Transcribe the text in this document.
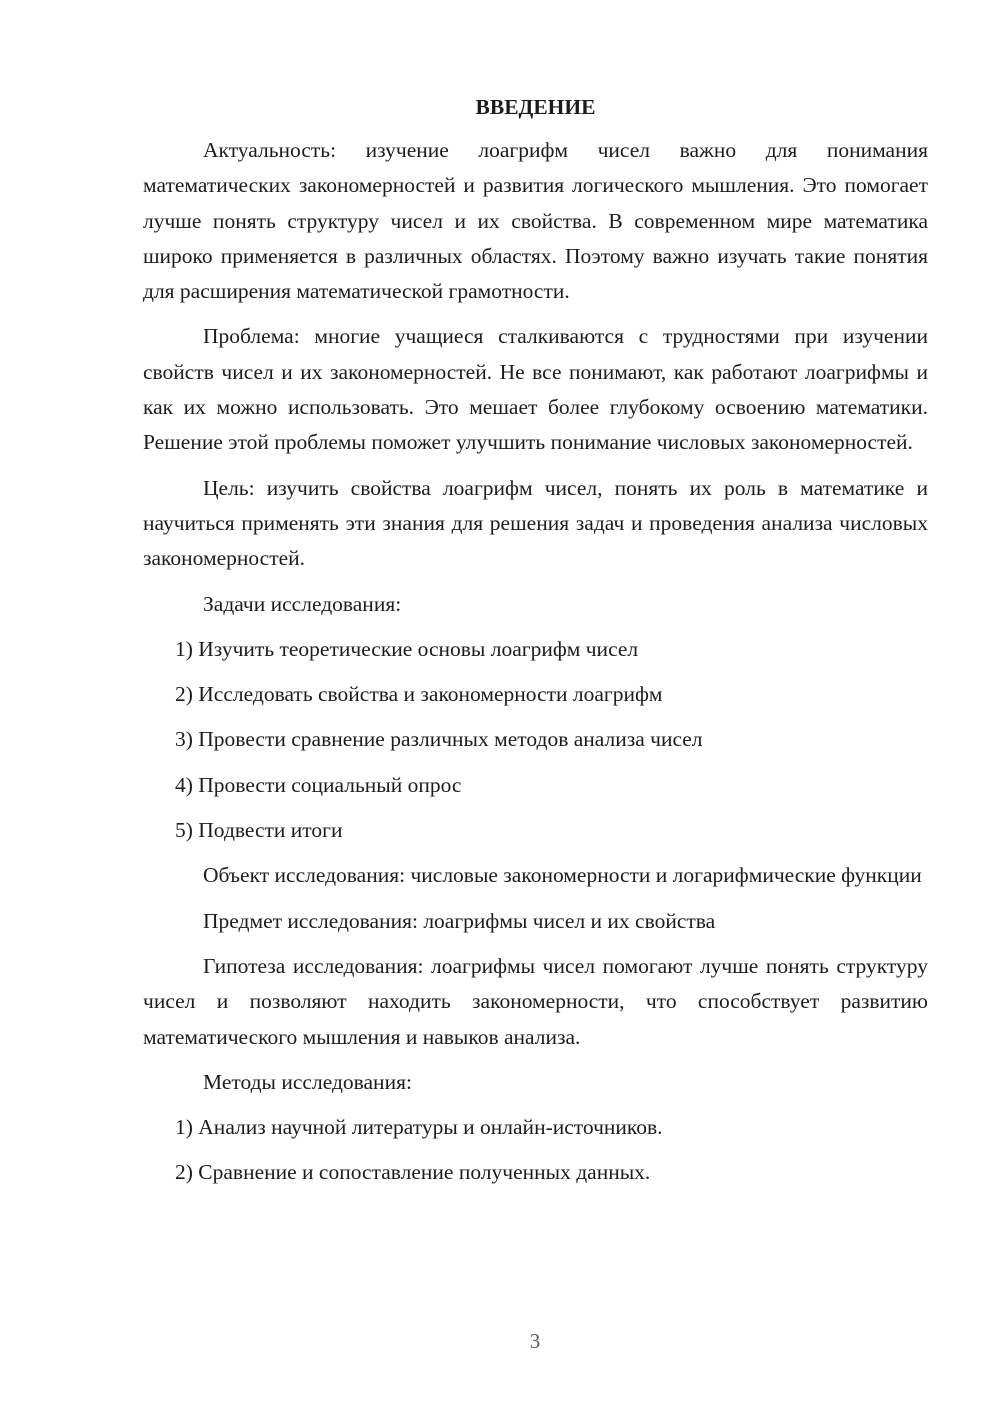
ВВЕДЕНИЕ

Актуальность: изучение лоагрифм чисел важно для понимания математических закономерностей и развития логического мышления. Это помогает лучше понять структуру чисел и их свойства. В современном мире математика широко применяется в различных областях. Поэтому важно изучать такие понятия для расширения математической грамотности.

Проблема: многие учащиеся сталкиваются с трудностями при изучении свойств чисел и их закономерностей. Не все понимают, как работают лоагрифмы и как их можно использовать. Это мешает более глубокому освоению математики. Решение этой проблемы поможет улучшить понимание числовых закономерностей.

Цель: изучить свойства лоагрифм чисел, понять их роль в математике и научиться применять эти знания для решения задач и проведения анализа числовых закономерностей.

Задачи исследования:
1) Изучить теоретические основы лоагрифм чисел
2) Исследовать свойства и закономерности лоагрифм
3) Провести сравнение различных методов анализа чисел
4) Провести социальный опрос
5) Подвести итоги

Объект исследования: числовые закономерности и логарифмические функции

Предмет исследования: лоагрифмы чисел и их свойства

Гипотеза исследования: лоагрифмы чисел помогают лучше понять структуру чисел и позволяют находить закономерности, что способствует развитию математического мышления и навыков анализа.

Методы исследования:
1) Анализ научной литературы и онлайн-источников.
2) Сравнение и сопоставление полученных данных.
3
